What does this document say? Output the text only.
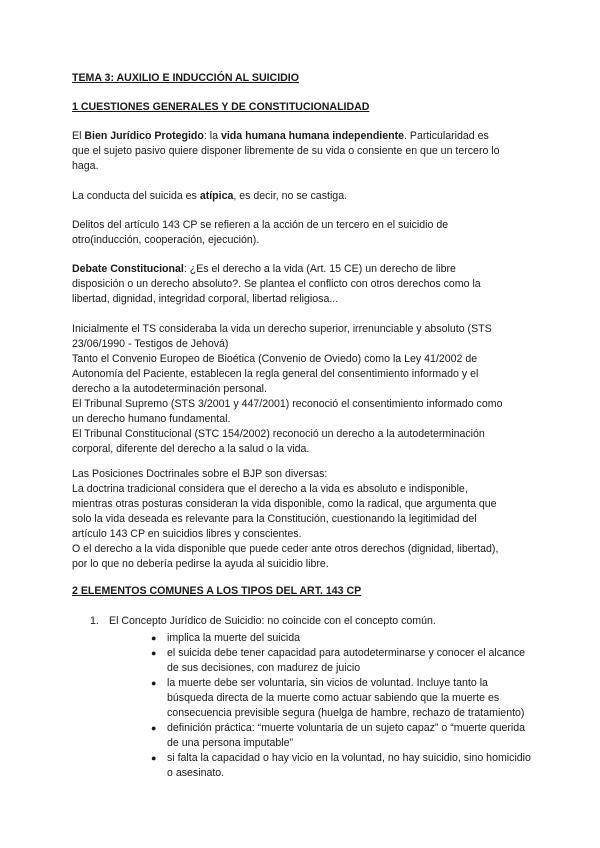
TEMA 3: AUXILIO E INDUCCIÓN AL SUICIDIO

1 CUESTIONES GENERALES Y DE CONSTITUCIONALIDAD

El Bien Jurídico Protegido: la vida humana humana independiente. Particularidad es
que el sujeto pasivo quiere disponer libremente de su vida o consiente en que un tercero lo
haga.

La conducta del suicida es atípica, es decir, no se castiga.

Delitos del artículo 143 CP se refieren a la acción de un tercero en el suicidio de
otro(inducción, cooperación, ejecución).

Debate Constitucional: ¿Es el derecho a la vida (Art. 15 CE) un derecho de libre
disposición o un derecho absoluto?. Se plantea el conflicto con otros derechos como la
libertad, dignidad, integridad corporal, libertad religiosa...

Inicialmente el TS consideraba la vida un derecho superior, irrenunciable y absoluto (STS
23/06/1990 - Testigos de Jehová)
Tanto el Convenio Europeo de Bioética (Convenio de Oviedo) como la Ley 41/2002 de
Autonomía del Paciente, establecen la regla general del consentimiento informado y el
derecho a la autodeterminación personal.
El Tribunal Supremo (STS 3/2001 y 447/2001) reconoció el consentimiento informado como
un derecho humano fundamental.
El Tribunal Constitucional (STC 154/2002) reconoció un derecho a la autodeterminación
corporal, diferente del derecho a la salud o la vida.

Las Posiciones Doctrinales sobre el BJP son diversas:
La doctrina tradicional considera que el derecho a la vida es absoluto e indisponible,
mientras otras posturas consideran la vida disponible, como la radical, que argumenta que
solo la vida deseada es relevante para la Constitución, cuestionando la legitimidad del
artículo 143 CP en suicidios libres y conscientes.
O el derecho a la vida disponible que puede ceder ante otros derechos (dignidad, libertad),
por lo que no debería pedirse la ayuda al suicidio libre.

2 ELEMENTOS COMUNES A LOS TIPOS DEL ART. 143 CP

1. El Concepto Jurídico de Suicidio: no coincide con el concepto común.
● implica la muerte del suicida
● el suicida debe tener capacidad para autodeterminarse y conocer el alcance
de sus decisiones, con madurez de juicio
● la muerte debe ser voluntaria, sin vicios de voluntad. Incluye tanto la
búsqueda directa de la muerte como actuar sabiendo que la muerte es
consecuencia previsible segura (huelga de hambre, rechazo de tratamiento)
● definición práctica: “muerte voluntaria de un sujeto capaz” o “muerte querida
de una persona imputable”
● si falta la capacidad o hay vicio en la voluntad, no hay suicidio, sino homicidio
o asesinato.
